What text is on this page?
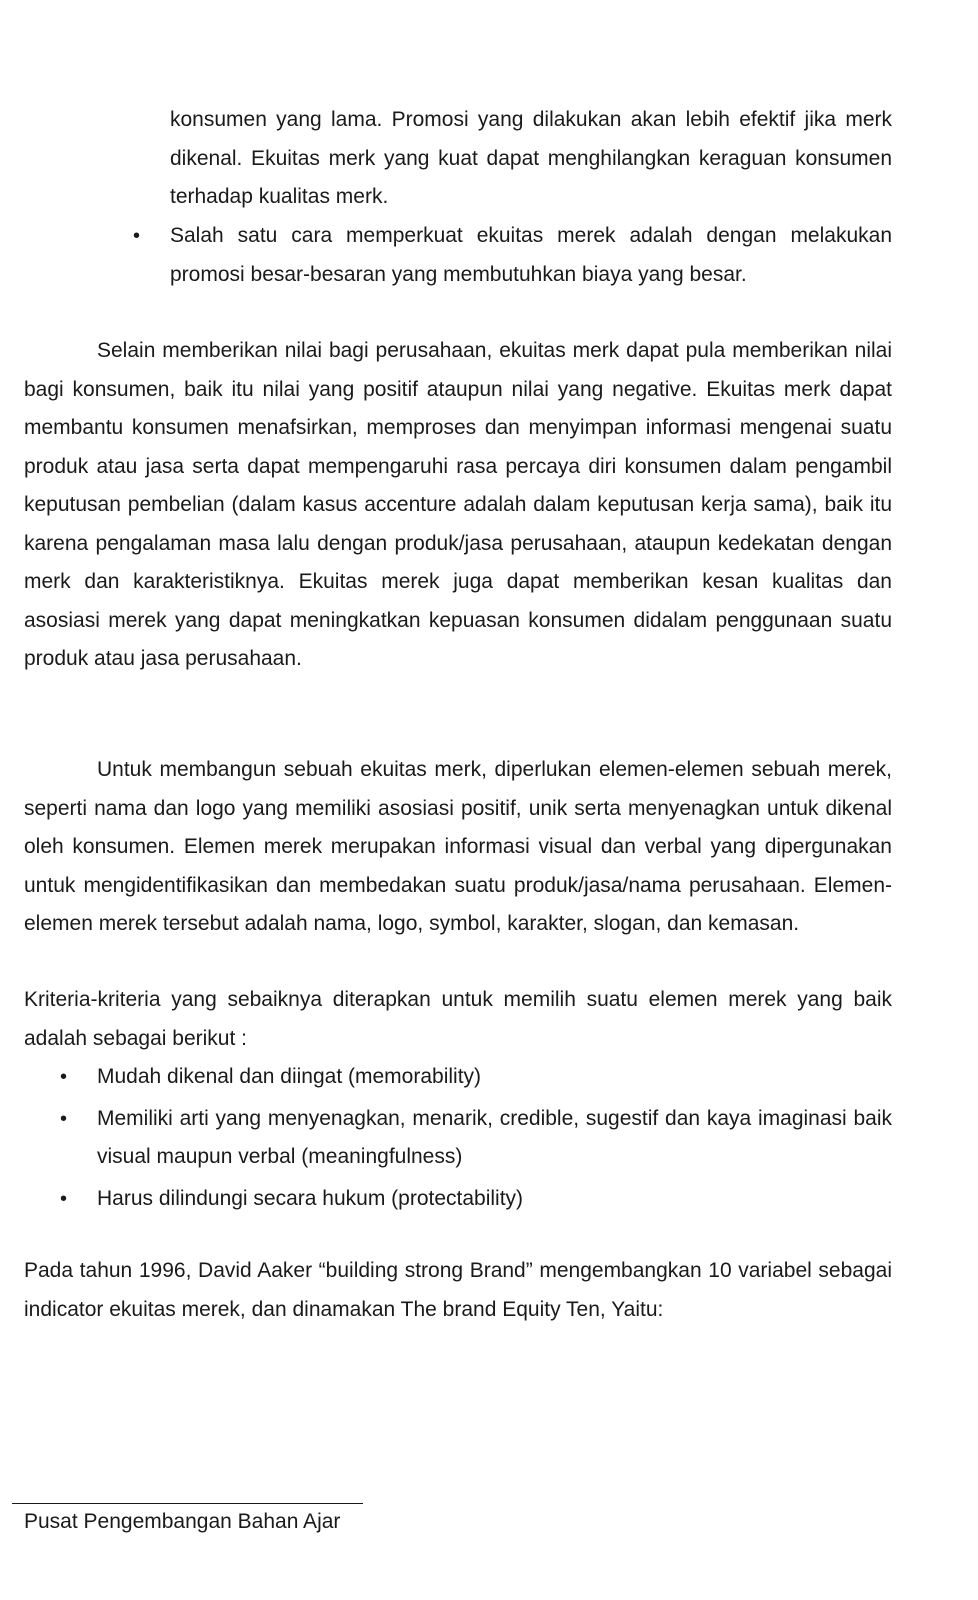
konsumen yang lama. Promosi yang dilakukan akan lebih efektif jika merk dikenal. Ekuitas merk yang kuat dapat menghilangkan keraguan konsumen terhadap kualitas merk.
• Salah satu cara memperkuat ekuitas merek adalah dengan melakukan promosi besar-besaran yang membutuhkan biaya yang besar.
Selain memberikan nilai bagi perusahaan, ekuitas merk dapat pula memberikan nilai bagi konsumen, baik itu nilai yang positif ataupun nilai yang negative. Ekuitas merk dapat membantu konsumen menafsirkan, memproses dan menyimpan informasi mengenai suatu produk atau jasa serta dapat mempengaruhi rasa percaya diri konsumen dalam pengambil keputusan pembelian (dalam kasus accenture adalah dalam keputusan kerja sama), baik itu karena pengalaman masa lalu dengan produk/jasa perusahaan, ataupun kedekatan dengan merk dan karakteristiknya. Ekuitas merek juga dapat memberikan kesan kualitas dan asosiasi merek yang dapat meningkatkan kepuasan konsumen didalam penggunaan suatu produk atau jasa perusahaan.
Untuk membangun sebuah ekuitas merk, diperlukan elemen-elemen sebuah merek, seperti nama dan logo yang memiliki asosiasi positif, unik serta menyenagkan untuk dikenal oleh konsumen. Elemen merek merupakan informasi visual dan verbal yang dipergunakan untuk mengidentifikasikan dan membedakan suatu produk/jasa/nama perusahaan. Elemen-elemen merek tersebut adalah nama, logo, symbol, karakter, slogan, dan kemasan.
Kriteria-kriteria yang sebaiknya diterapkan untuk memilih suatu elemen merek yang baik adalah sebagai berikut :
• Mudah dikenal dan diingat (memorability)
• Memiliki arti yang menyenagkan, menarik, credible, sugestif dan kaya imaginasi baik visual maupun verbal (meaningfulness)
• Harus dilindungi secara hukum (protectability)
Pada tahun 1996, David Aaker “building strong Brand” mengembangkan 10 variabel sebagai indicator ekuitas merek, dan dinamakan The brand Equity Ten, Yaitu:
Pusat Pengembangan Bahan Ajar
